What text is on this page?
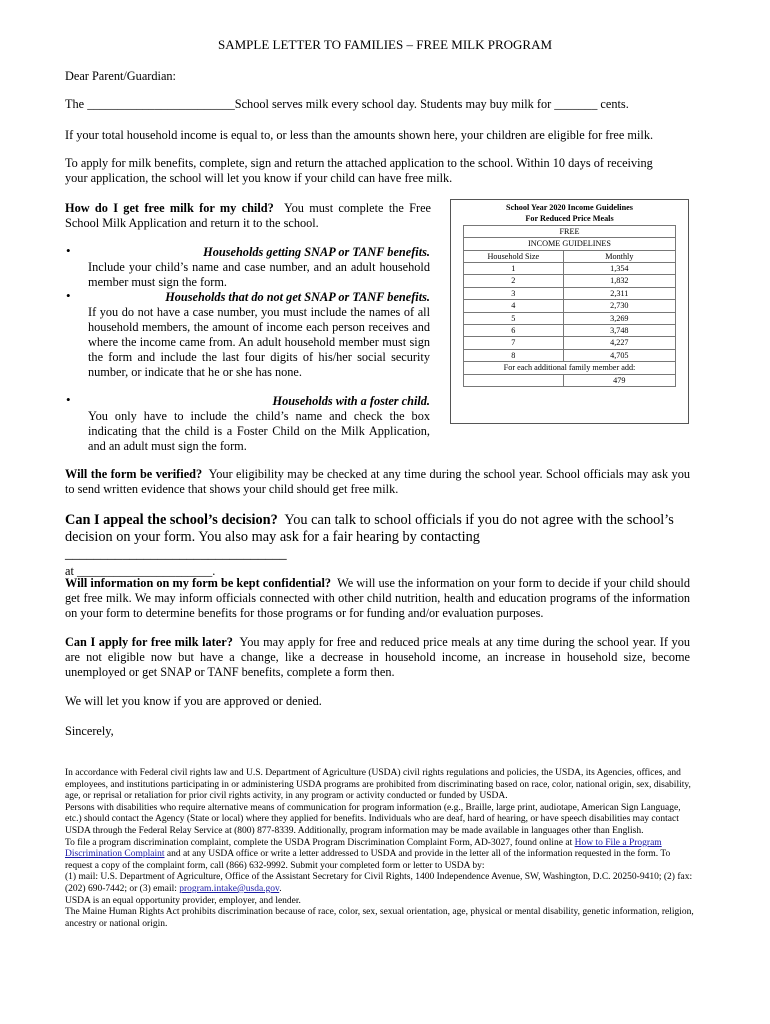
SAMPLE LETTER TO FAMILIES – FREE MILK PROGRAM
Dear Parent/Guardian:
The ________________________School serves milk every school day. Students may buy milk for _______ cents.
If your total household income is equal to, or less than the amounts shown here, your children are eligible for free milk.
To apply for milk benefits, complete, sign and return the attached application to the school. Within 10 days of receiving
your application, the school will let you know if your child can have free milk.
How do I get free milk for my child? You must complete the Free School Milk Application and return it to the school.
•	Households getting SNAP or TANF benefits.
Include your child’s name and case number, and an adult household member must sign the form.
•	Households that do not get SNAP or TANF benefits.
If you do not have a case number, you must include the names of all household members, the amount of income each person receives and where the income came from. An adult household member must sign the form and include the last four digits of his/her social security number, or indicate that he or she has none.
•	Households with a foster child.
You only have to include the child’s name and check the box indicating that the child is a Foster Child on the Milk Application, and an adult must sign the form.
School Year 2020 Income Guidelines	
For Reduced Price Meals	
FREE	
INCOME GUIDELINES	
Household Size	Monthly
1	1,354
2	1,832
3	2,311
4	2,730
5	3,269
6	3,748
7	4,227
8	4,705
For each additional family member add:	
	479
Will the form be verified? Your eligibility may be checked at any time during the school year. School officials may ask you to send written evidence that shows your child should get free milk.
Can I appeal the school’s decision? You can talk to school officials if you do not agree with the school’s
decision on your form. You also may ask for a fair hearing by contacting _______________________________
at ______________________.
Will information on my form be kept confidential? We will use the information on your form to decide if your child should get free milk. We may inform officials connected with other child nutrition, health and education programs of the information on your form to determine benefits for those programs or for funding and/or evaluation purposes.
Can I apply for free milk later? You may apply for free and reduced price meals at any time during the school year. If you are not eligible now but have a change, like a decrease in household income, an increase in household size, become unemployed or get SNAP or TANF benefits, complete a form then.
We will let you know if you are approved or denied.
Sincerely,
In accordance with Federal civil rights law and U.S. Department of Agriculture (USDA) civil rights regulations and policies, the USDA, its Agencies, offices, and employees, and institutions participating in or administering USDA programs are prohibited from discriminating based on race, color, national origin, sex, disability, age, or reprisal or retaliation for prior civil rights activity, in any program or activity conducted or funded by USDA.
Persons with disabilities who require alternative means of communication for program information (e.g., Braille, large print, audiotape, American Sign Language, etc.) should contact the Agency (State or local) where they applied for benefits. Individuals who are deaf, hard of hearing, or have speech disabilities may contact USDA through the Federal Relay Service at (800) 877-8339. Additionally, program information may be made available in languages other than English.
To file a program discrimination complaint, complete the USDA Program Discrimination Complaint Form, AD-3027, found online at How to File a Program Discrimination Complaint and at any USDA office or write a letter addressed to USDA and provide in the letter all of the information requested in the form. To request a copy of the complaint form, call (866) 632-9992. Submit your completed form or letter to USDA by:
(1) mail: U.S. Department of Agriculture, Office of the Assistant Secretary for Civil Rights, 1400 Independence Avenue, SW, Washington, D.C. 20250-9410; (2) fax: (202) 690-7442; or (3) email: program.intake@usda.gov.
USDA is an equal opportunity provider, employer, and lender.
The Maine Human Rights Act prohibits discrimination because of race, color, sex, sexual orientation, age, physical or mental disability, genetic information, religion, ancestry or national origin.
